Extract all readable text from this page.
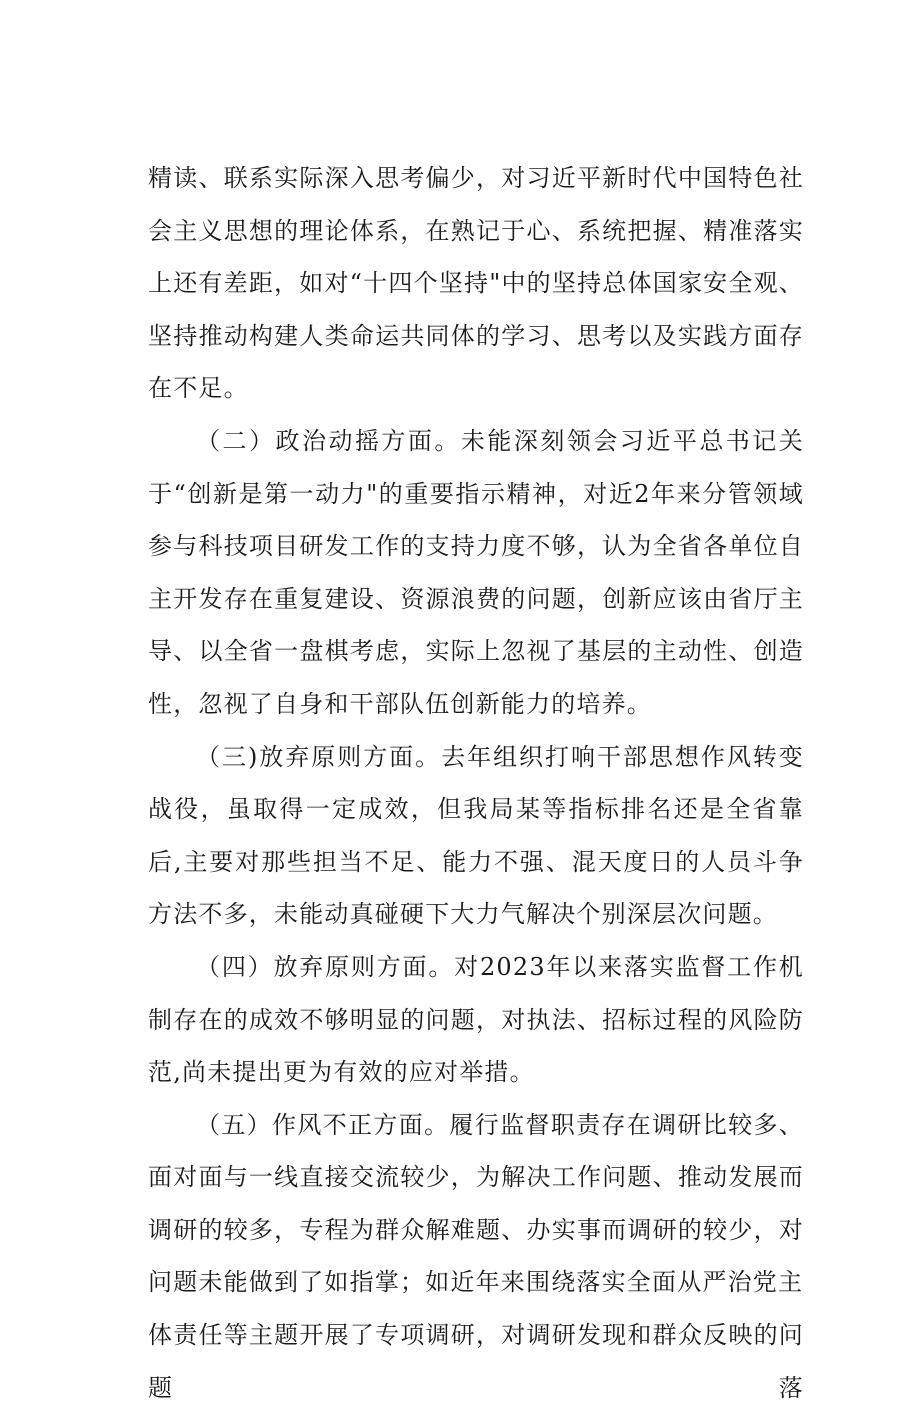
精读、联系实际深入思考偏少，对习近平新时代中国特色社会主义思想的理论体系，在熟记于心、系统把握、精准落实上还有差距，如对“十四个坚持"中的坚持总体国家安全观、坚持推动构建人类命运共同体的学习、思考以及实践方面存在不足。

（二）政治动摇方面。未能深刻领会习近平总书记关于“创新是第一动力"的重要指示精神，对近2年来分管领域参与科技项目研发工作的支持力度不够，认为全省各单位自主开发存在重复建设、资源浪费的问题，创新应该由省厅主导、以全省一盘棋考虑，实际上忽视了基层的主动性、创造性，忽视了自身和干部队伍创新能力的培养。

（三)放弃原则方面。去年组织打响干部思想作风转变战役，虽取得一定成效，但我局某等指标排名还是全省靠后,主要对那些担当不足、能力不强、混天度日的人员斗争方法不多，未能动真碰硬下大力气解决个别深层次问题。

（四）放弃原则方面。对2023年以来落实监督工作机制存在的成效不够明显的问题，对执法、招标过程的风险防范,尚未提出更为有效的应对举措。

（五）作风不正方面。履行监督职责存在调研比较多、面对面与一线直接交流较少，为解决工作问题、推动发展而调研的较多，专程为群众解难题、办实事而调研的较少，对问题未能做到了如指掌；如近年来围绕落实全面从严治党主

体责任等主题开展了专项调研，对调研发现和群众反映的问题落
